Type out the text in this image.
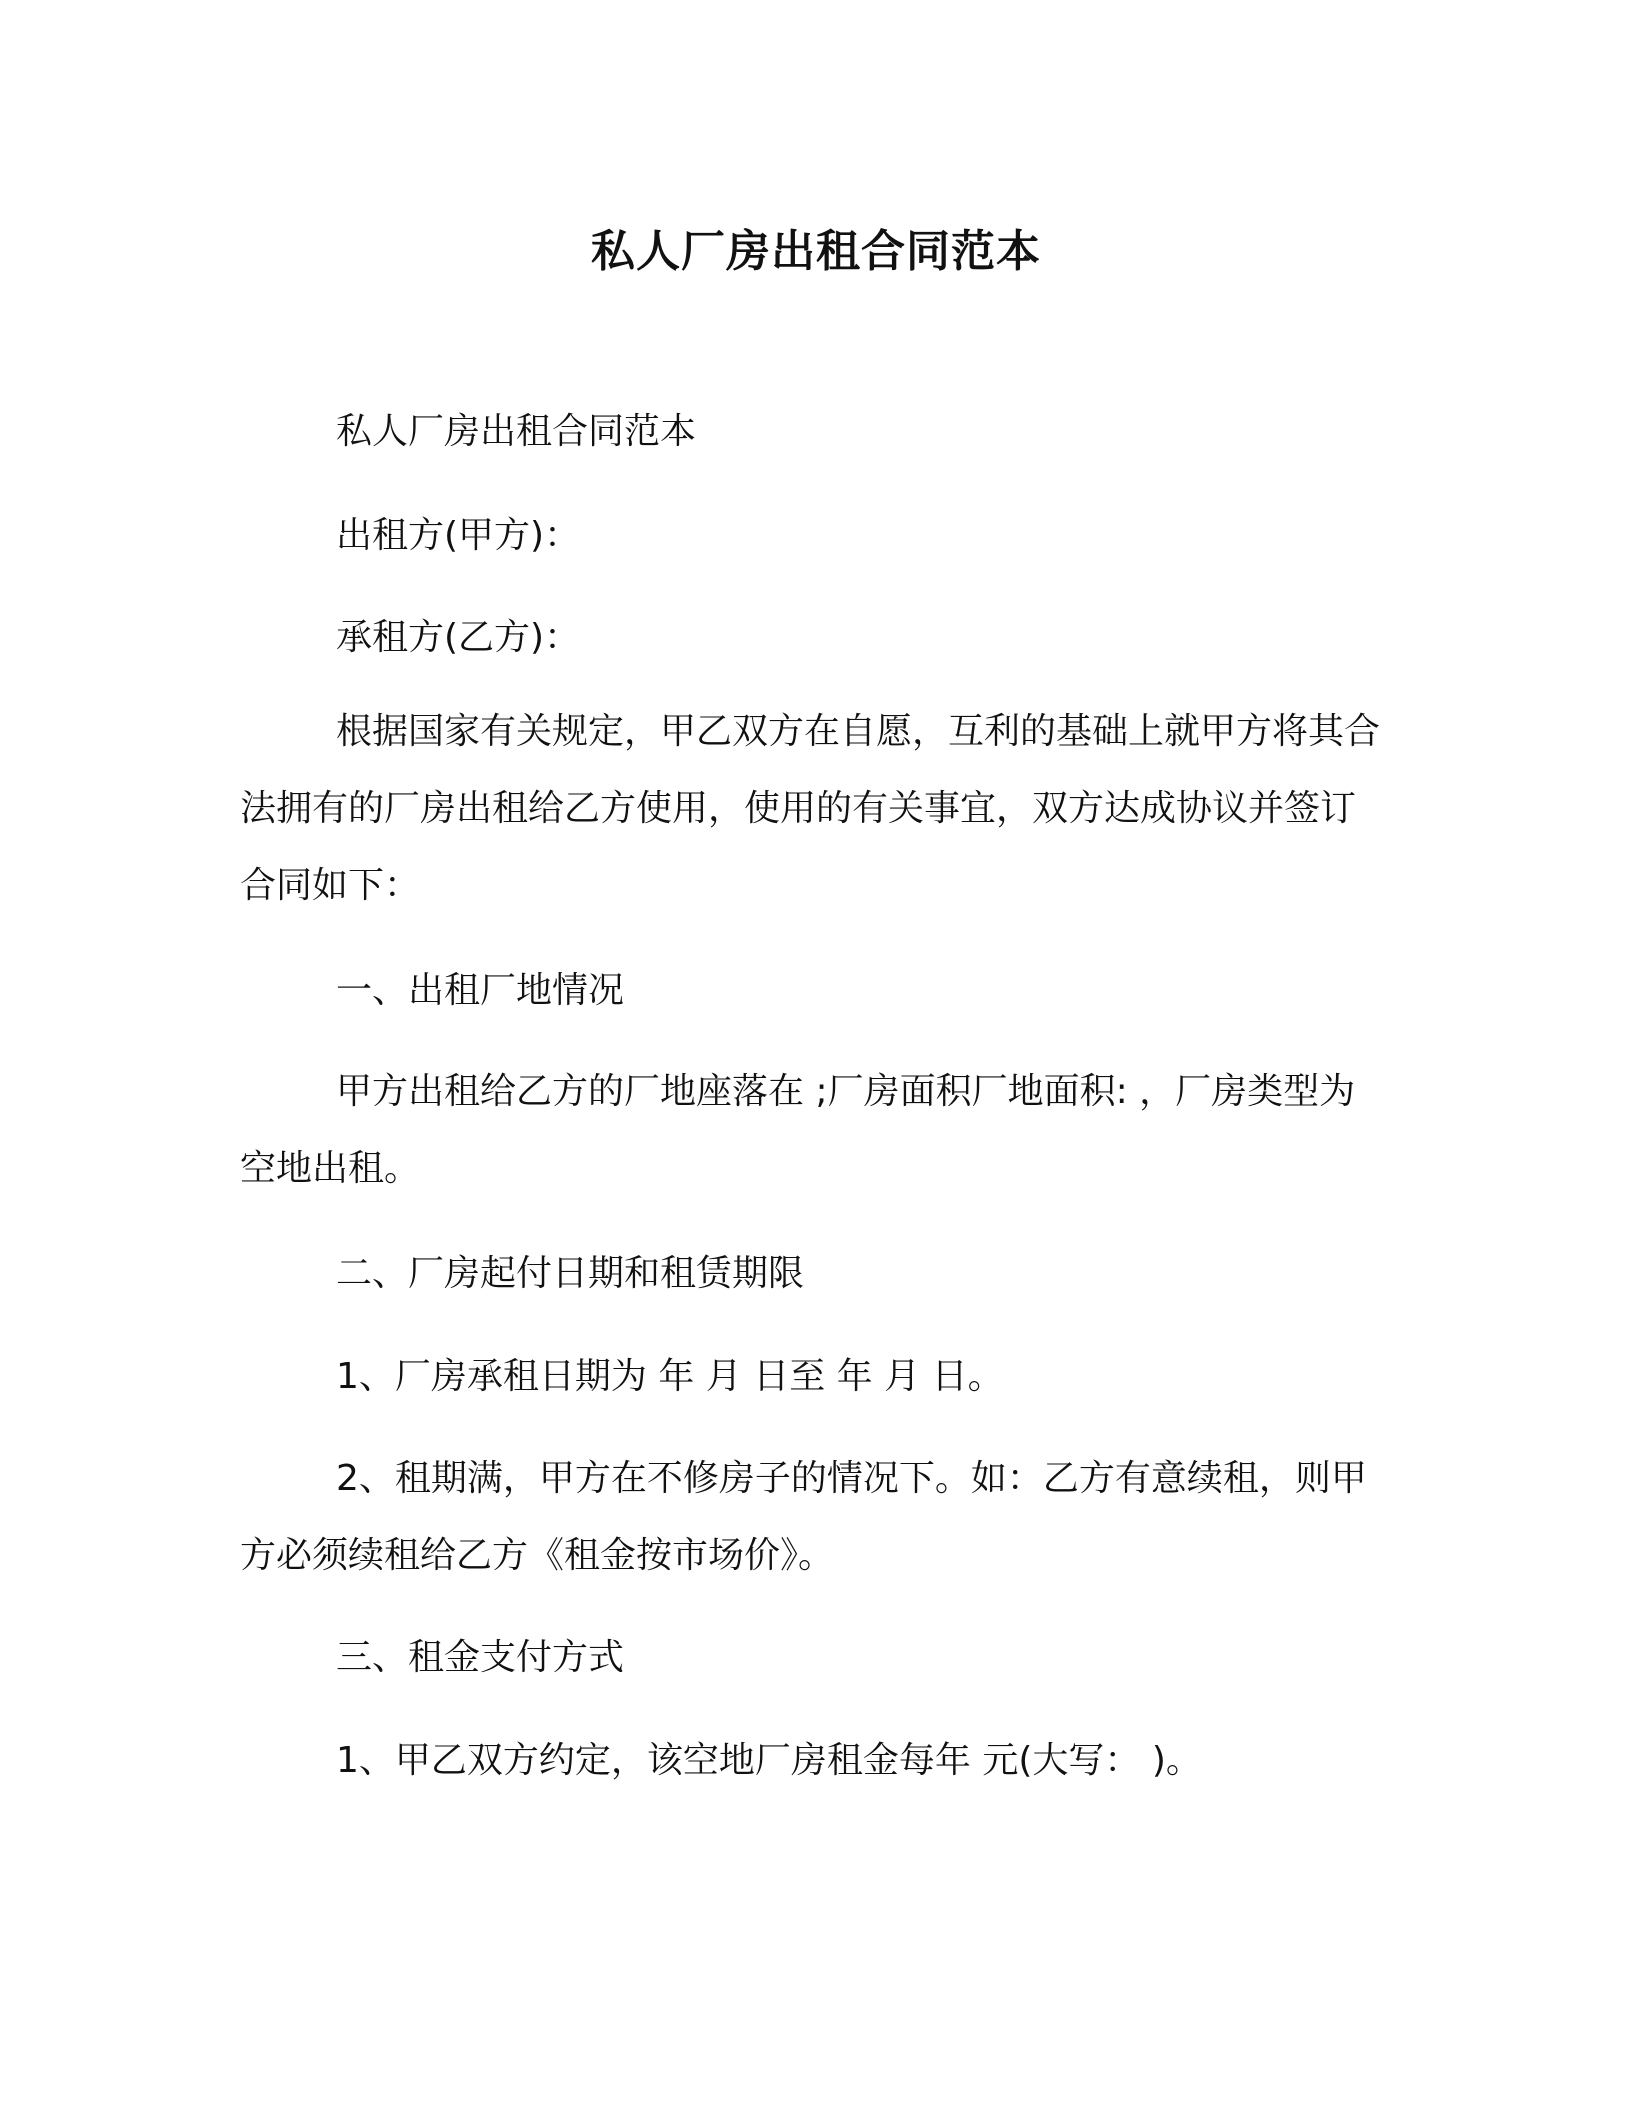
私人厂房出租合同范本

私人厂房出租合同范本

出租方(甲方)：

承租方(乙方)：

根据国家有关规定，甲乙双方在自愿，互利的基础上就甲方将其合法拥有的厂房出租给乙方使用，使用的有关事宜，双方达成协议并签订合同如下：

一、出租厂地情况

甲方出租给乙方的厂地座落在 ;厂房面积厂地面积: ，厂房类型为空地出租。

二、厂房起付日期和租赁期限

1、厂房承租日期为 年 月 日至 年 月 日。

2、租期满，甲方在不修房子的情况下。如：乙方有意续租，则甲方必须续租给乙方《租金按市场价》。

三、租金支付方式

1、甲乙双方约定，该空地厂房租金每年 元(大写： )。
